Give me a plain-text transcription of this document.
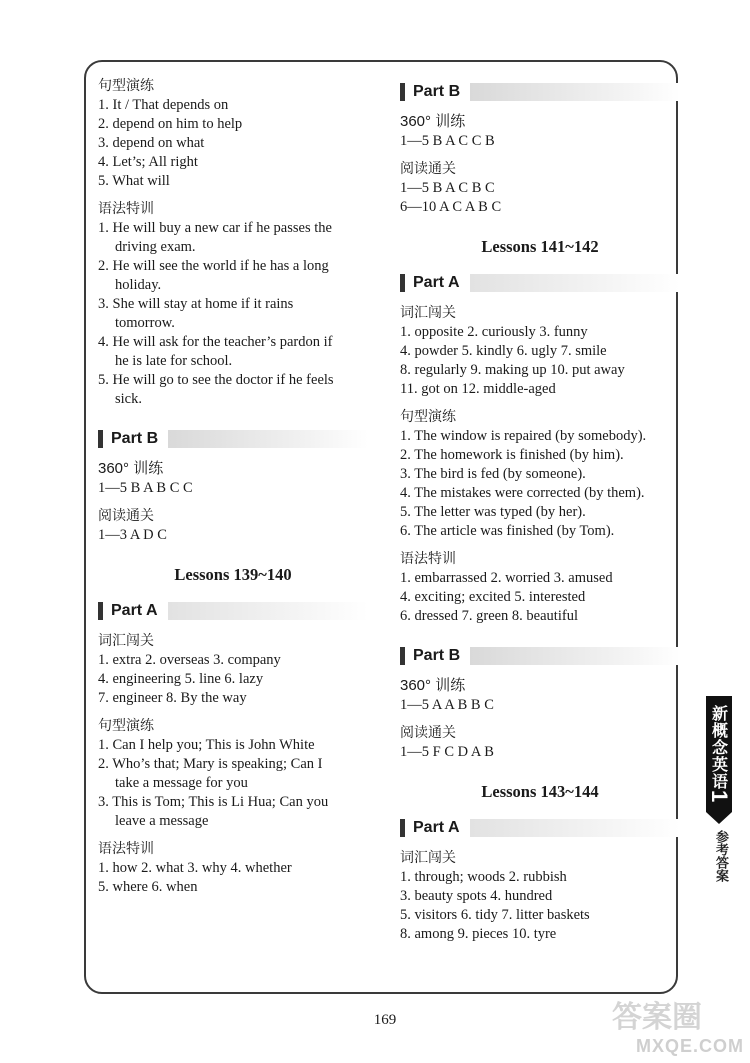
句型演练

1. It / That depends on

2. depend on him to help

3. depend on what

4. Let’s; All right

5. What will

语法特训

1. He will buy a new car if he passes the

driving exam.

2. He will see the world if he has a long

holiday.

3. She will stay at home if it rains

tomorrow.

4. He will ask for the teacher’s pardon if

he is late for school.

5. He will go to see the doctor if he feels

sick.

Part B

360° 训练

1—5 B A B C C

阅读通关

1—3 A D C

Lessons 139~140
Part A

词汇闯关

1. extra 2. overseas 3. company

4. engineering 5. line 6. lazy

7. engineer 8. By the way

句型演练

1. Can I help you; This is John White

2. Who’s that; Mary is speaking; Can I

take a message for you

3. This is Tom; This is Li Hua; Can you

leave a message

语法特训

1. how 2. what 3. why 4. whether

5. where 6. when

Part B

360° 训练

1—5 B A C C B

阅读通关

1—5 B A C B C

6—10 A C A B C

Lessons 141~142
Part A

词汇闯关

1. opposite 2. curiously 3. funny

4. powder 5. kindly 6. ugly 7. smile

8. regularly 9. making up 10. put away

11. got on 12. middle-aged

句型演练

1. The window is repaired (by somebody).

2. The homework is finished (by him).

3. The bird is fed (by someone).

4. The mistakes were corrected (by them).

5. The letter was typed (by her).

6. The article was finished (by Tom).

语法特训

1. embarrassed 2. worried 3. amused

4. exciting; excited 5. interested

6. dressed 7. green 8. beautiful

Part B

360° 训练

1—5 A A B B C

阅读通关

1—5 F C D A B

Lessons 143~144
Part A

词汇闯关

1. through; woods 2. rubbish

3. beauty spots 4. hundred

5. visitors 6. tidy 7. litter baskets

8. among 9. pieces 10. tyre

新概念英语
1
参考答案
169	答案圈
MXQE.COM
